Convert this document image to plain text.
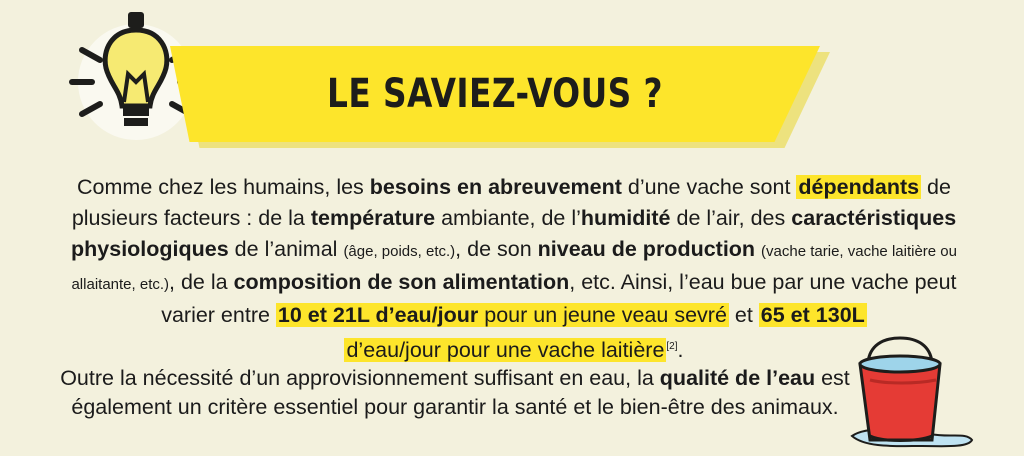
LE SAVIEZ-VOUS ?
Comme chez les humains, les besoins en abreuvement d’une vache sont dépendants de plusieurs facteurs : de la température ambiante, de l’humidité de l’air, des caractéristiques physiologiques de l’animal (âge, poids, etc.), de son niveau de production (vache tarie, vache laitière ou allaitante, etc.), de la composition de son alimentation, etc. Ainsi, l’eau bue par une vache peut varier entre 10 et 21L d’eau/jour pour un jeune veau sevré et 65 et 130L
d’eau/jour pour une vache laitière [2].
Outre la nécessité d’un approvisionnement suffisant en eau, la qualité de l’eau est également un critère essentiel pour garantir la santé et le bien-être des animaux.
